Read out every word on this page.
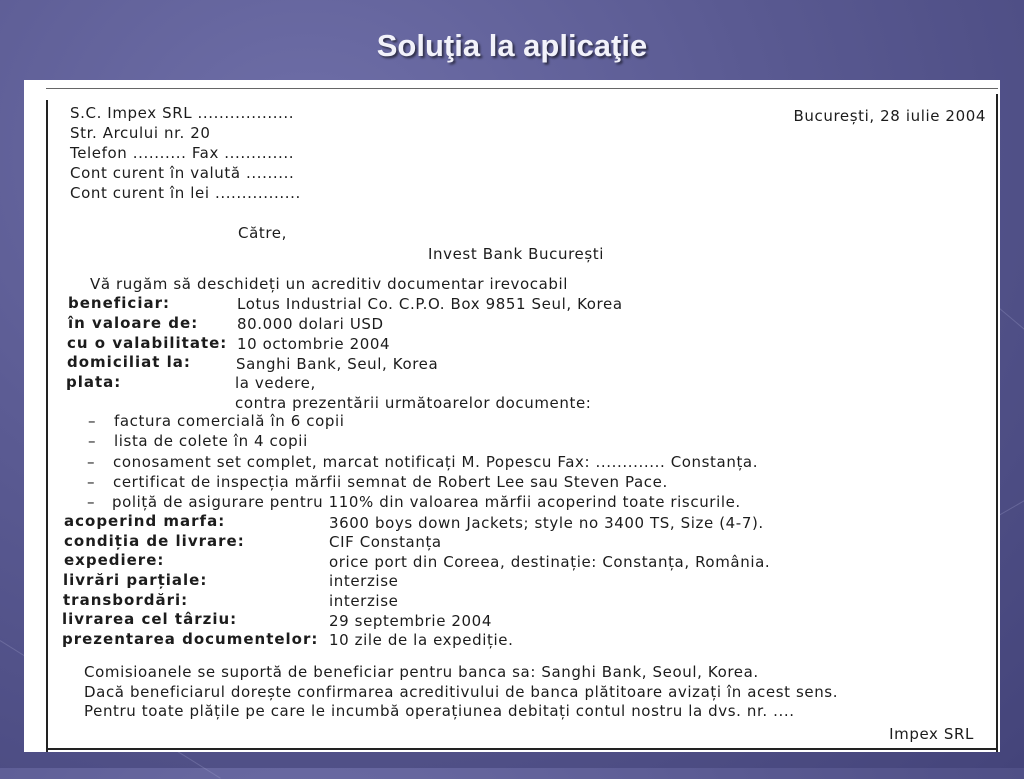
Soluţia la aplicaţie
S.C. Impex SRL ..................
Str. Arcului nr. 20
Telefon .......... Fax .............
Cont curent în valută .........
Cont curent în lei ................
București, 28 iulie 2004
Către,
Invest Bank București
Vă rugăm să deschideți un acreditiv documentar irevocabil
beneficiar:	Lotus Industrial Co. C.P.O. Box 9851 Seul, Korea
în valoare de:	80.000 dolari USD
cu o valabilitate: 10 octombrie 2004
domiciliat la:	Sanghi Bank, Seul, Korea
plata:	la vedere,
contra prezentării următoarelor documente:
– factura comercială în 6 copii
– lista de colete în 4 copii
– conosament set complet, marcat notificați M. Popescu Fax: ............. Constanța.
– certificat de inspecția mărfii semnat de Robert Lee sau Steven Pace.
– poliță de asigurare pentru 110% din valoarea mărfii acoperind toate riscurile.
acoperind marfa:	3600 boys down Jackets; style no 3400 TS, Size (4-7).
condiția de livrare:	CIF Constanța
expediere:	orice port din Coreea, destinație: Constanța, România.
livrări parțiale:	interzise
transbordări:	interzise
livrarea cel târziu:	29 septembrie 2004
prezentarea documentelor: 10 zile de la expediție.
Comisioanele se suportă de beneficiar pentru banca sa: Sanghi Bank, Seoul, Korea.
Dacă beneficiarul dorește confirmarea acreditivului de banca plătitoare avizați în acest sens.
Pentru toate plățile pe care le incumbă operațiunea debitați contul nostru la dvs. nr. ....
Impex SRL
